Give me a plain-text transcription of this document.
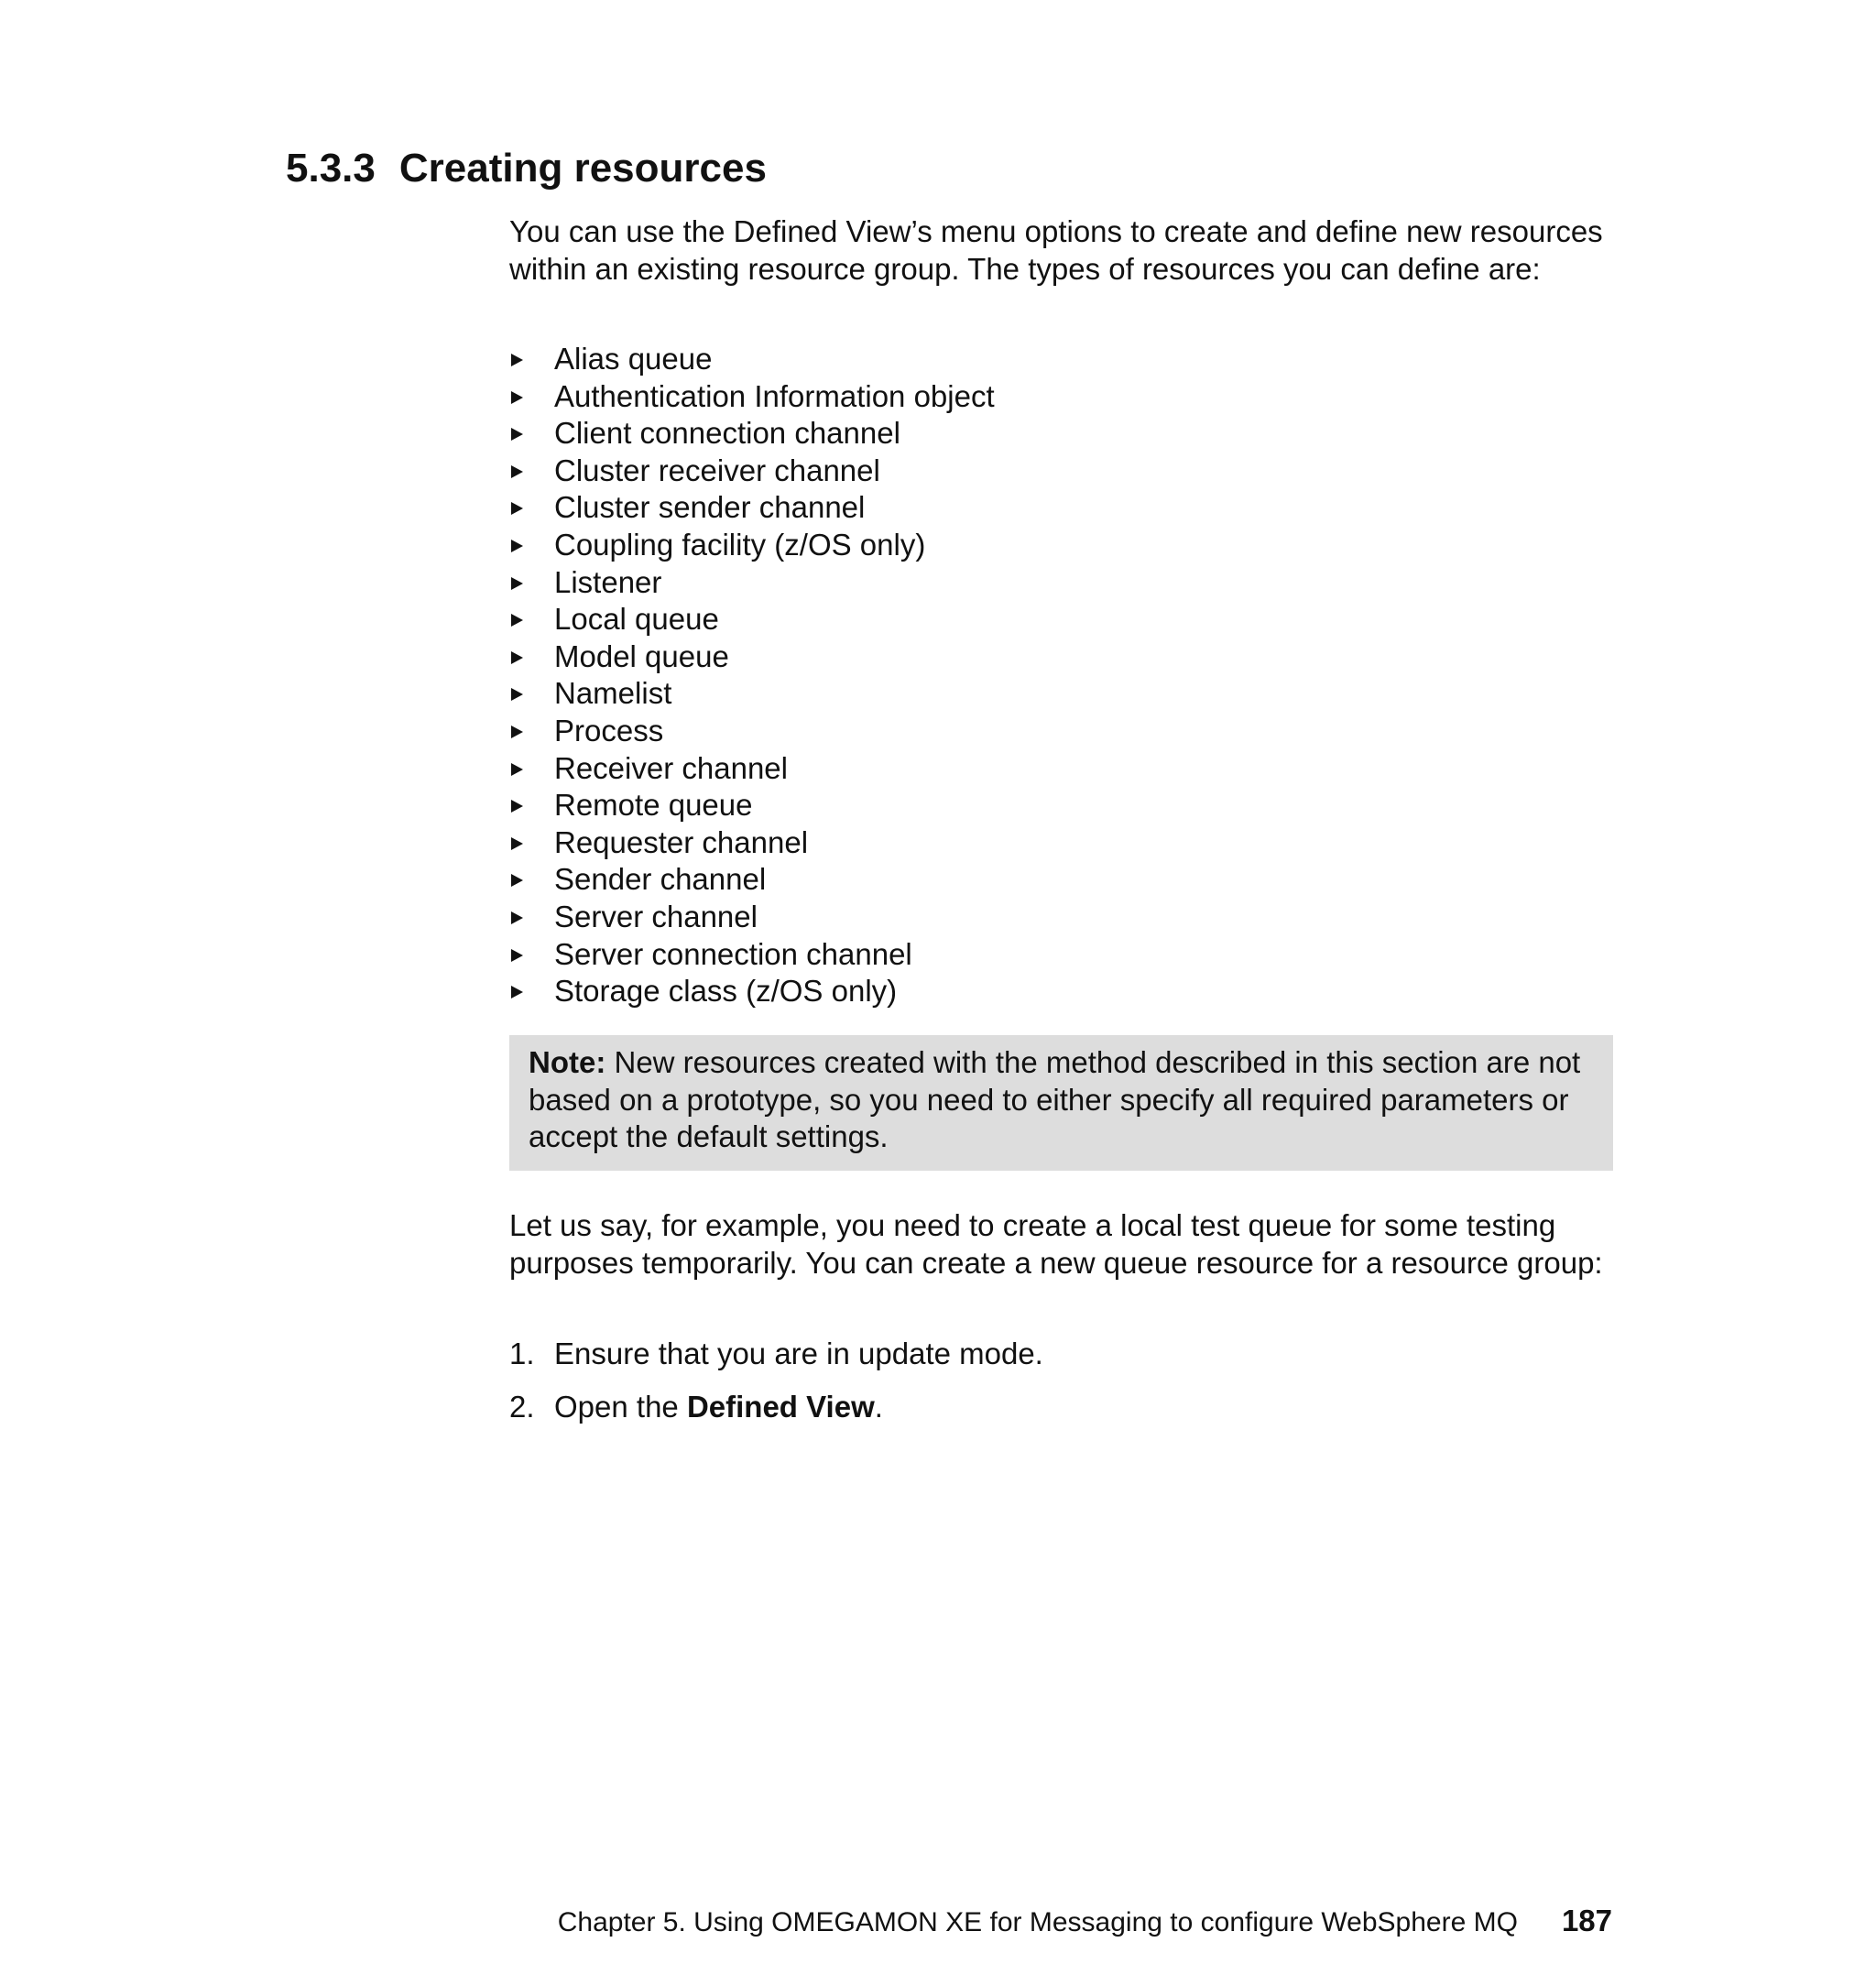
5.3.3 Creating resources

You can use the Defined View’s menu options to create and define new resources within an existing resource group. The types of resources you can define are:

Alias queue
Authentication Information object
Client connection channel
Cluster receiver channel
Cluster sender channel
Coupling facility (z/OS only)
Listener
Local queue
Model queue
Namelist
Process
Receiver channel
Remote queue
Requester channel
Sender channel
Server channel
Server connection channel
Storage class (z/OS only)
Note: New resources created with the method described in this section are not based on a prototype, so you need to either specify all required parameters or accept the default settings.

Let us say, for example, you need to create a local test queue for some testing purposes temporarily. You can create a new queue resource for a resource group:

1. Ensure that you are in update mode.
2. Open the Defined View.
Chapter 5. Using OMEGAMON XE for Messaging to configure WebSphere MQ 187
